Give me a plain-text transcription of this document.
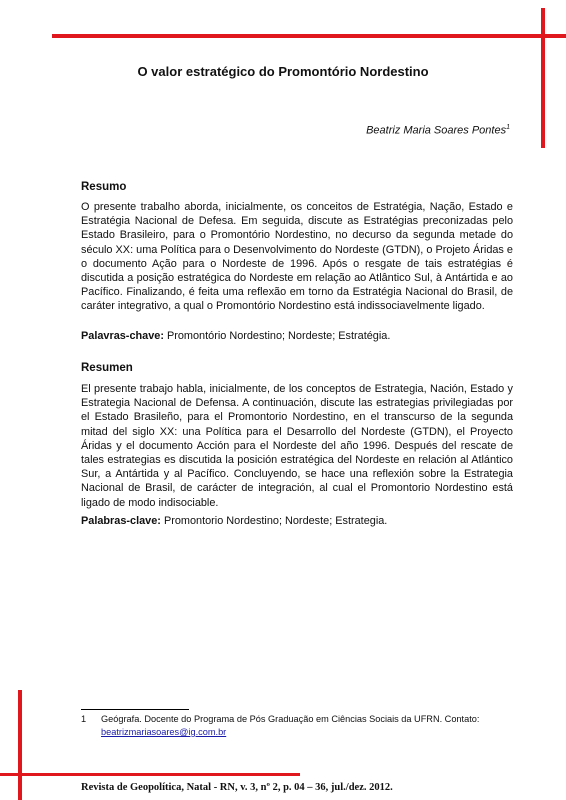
O valor estratégico do Promontório Nordestino
Beatriz Maria Soares Pontes$^1$
Resumo

O presente trabalho aborda, inicialmente, os conceitos de Estratégia, Nação, Estado e Estratégia Nacional de Defesa. Em seguida, discute as Estratégias preconizadas pelo Estado Brasileiro, para o Promontório Nordestino, no decurso da segunda metade do século XX: uma Política para o Desenvolvimento do Nordeste (GTDN), o Projeto Áridas e o documento Ação para o Nordeste de 1996. Após o resgate de tais estratégias é discutida a posição estratégica do Nordeste em relação ao Atlântico Sul, à Antártida e ao Pacífico. Finalizando, é feita uma reflexão em torno da Estratégia Nacional do Brasil, de caráter integrativo, a qual o Promontório Nordestino está indissociavelmente ligado.

Palavras-chave: Promontório Nordestino; Nordeste; Estratégia.
Resumen

El presente trabajo habla, inicialmente, de los conceptos de Estrategia, Nación, Estado y Estrategia Nacional de Defensa. A continuación, discute las estrategias privilegiadas por el Estado Brasileño, para el Promontorio Nordestino, en el transcurso de la segunda mitad del siglo XX: una Política para el Desarrollo del Nordeste (GTDN), el Proyecto Áridas y el documento Acción para el Nordeste del año 1996. Después del rescate de tales estrategias es discutida la posición estratégica del Nordeste en relación al Atlántico Sur, a Antártida y al Pacífico. Concluyendo, se hace una reflexión sobre la Estrategia Nacional de Brasil, de carácter de integración, al cual el Promontorio Nordestino está ligado de modo indisociable.

Palabras-clave: Promontorio Nordestino; Nordeste; Estrategia.
1 Geógrafa. Docente do Programa de Pós Graduação em Ciências Sociais da UFRN. Contato:
beatrizmariasoares@ig.com.br
Revista de Geopolítica, Natal - RN, v. 3, nº 2, p. 04 – 36, jul./dez. 2012.
